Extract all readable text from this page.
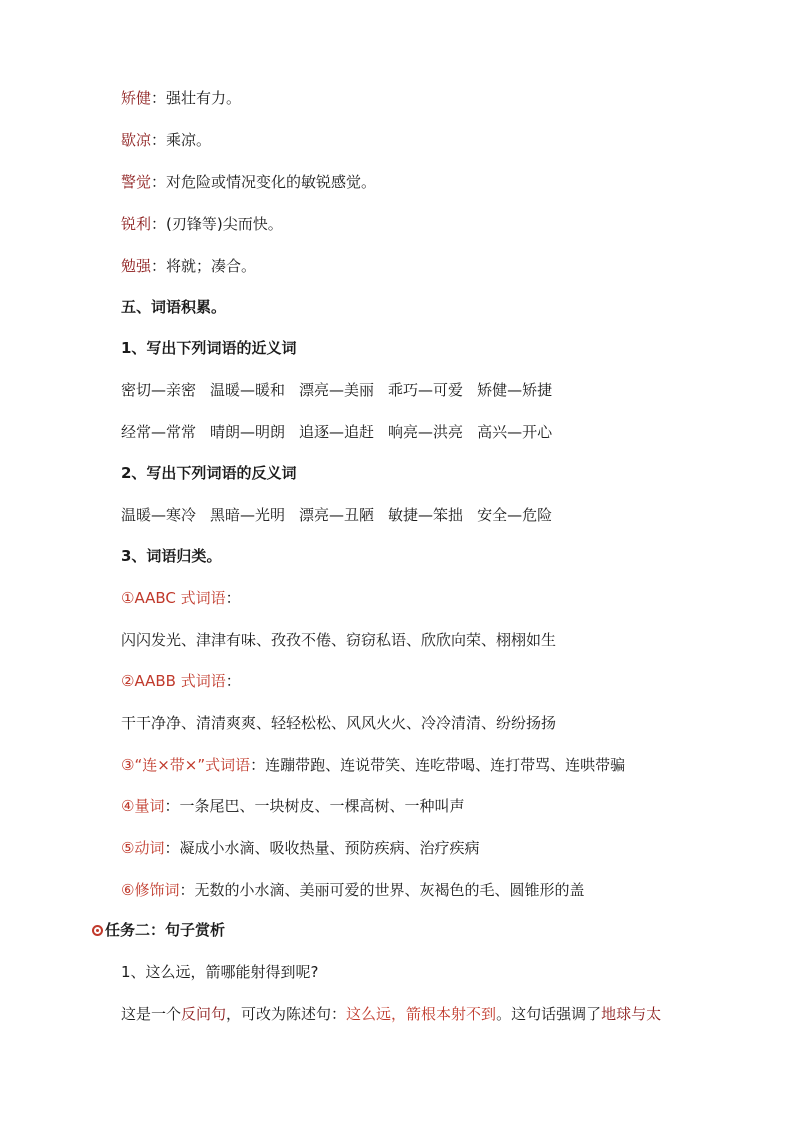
矫健：强壮有力。
歇凉：乘凉。
警觉：对危险或情况变化的敏锐感觉。
锐利：(刃锋等)尖而快。
勉强：将就；凑合。
五、词语积累。
1、写出下列词语的近义词
密切—亲密 温暖—暖和 漂亮—美丽 乖巧—可爱 矫健—矫捷
经常—常常 晴朗—明朗 追逐—追赶 响亮—洪亮 高兴—开心
2、写出下列词语的反义词
温暖—寒冷 黑暗—光明 漂亮—丑陋 敏捷—笨拙 安全—危险
3、词语归类。
①AABC 式词语：
闪闪发光、津津有味、孜孜不倦、窃窃私语、欣欣向荣、栩栩如生
②AABB 式词语：
干干净净、清清爽爽、轻轻松松、风风火火、冷冷清清、纷纷扬扬
③“连×带×”式词语：连蹦带跑、连说带笑、连吃带喝、连打带骂、连哄带骗
④量词：一条尾巴、一块树皮、一棵高树、一种叫声
⑤动词：凝成小水滴、吸收热量、预防疾病、治疗疾病
⑥修饰词：无数的小水滴、美丽可爱的世界、灰褐色的毛、圆锥形的盖
任务二：句子赏析
1、这么远，箭哪能射得到呢?
这是一个反问句，可改为陈述句：这么远，箭根本射不到。这句话强调了地球与太
